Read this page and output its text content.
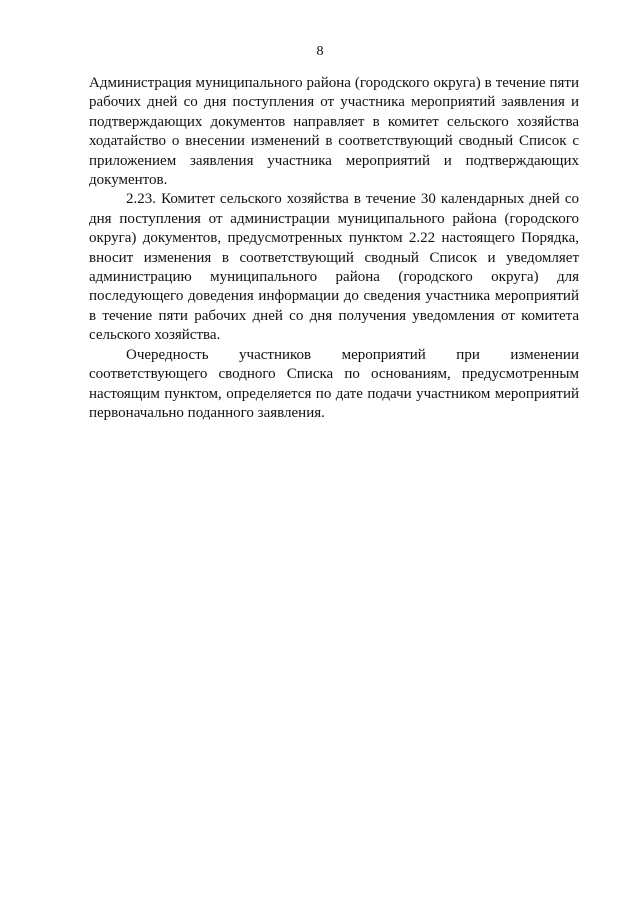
8

Администрация муниципального района (городского округа) в течение пяти рабочих дней со дня поступления от участника мероприятий заявления и подтверждающих документов направляет в комитет сельского хозяйства ходатайство о внесении изменений в соответствующий сводный Список с приложением заявления участника мероприятий и подтверждающих документов.

2.23. Комитет сельского хозяйства в течение 30 календарных дней со дня поступления от администрации муниципального района (городского округа) документов, предусмотренных пунктом 2.22 настоящего Порядка, вносит изменения в соответствующий сводный Список и уведомляет администрацию муниципального района (городского округа) для последующего доведения информации до сведения участника мероприятий в течение пяти рабочих дней со дня получения уведомления от комитета сельского хозяйства.

Очередность участников мероприятий при изменении соответствующего сводного Списка по основаниям, предусмотренным настоящим пунктом, определяется по дате подачи участником мероприятий первоначально поданного заявления.
